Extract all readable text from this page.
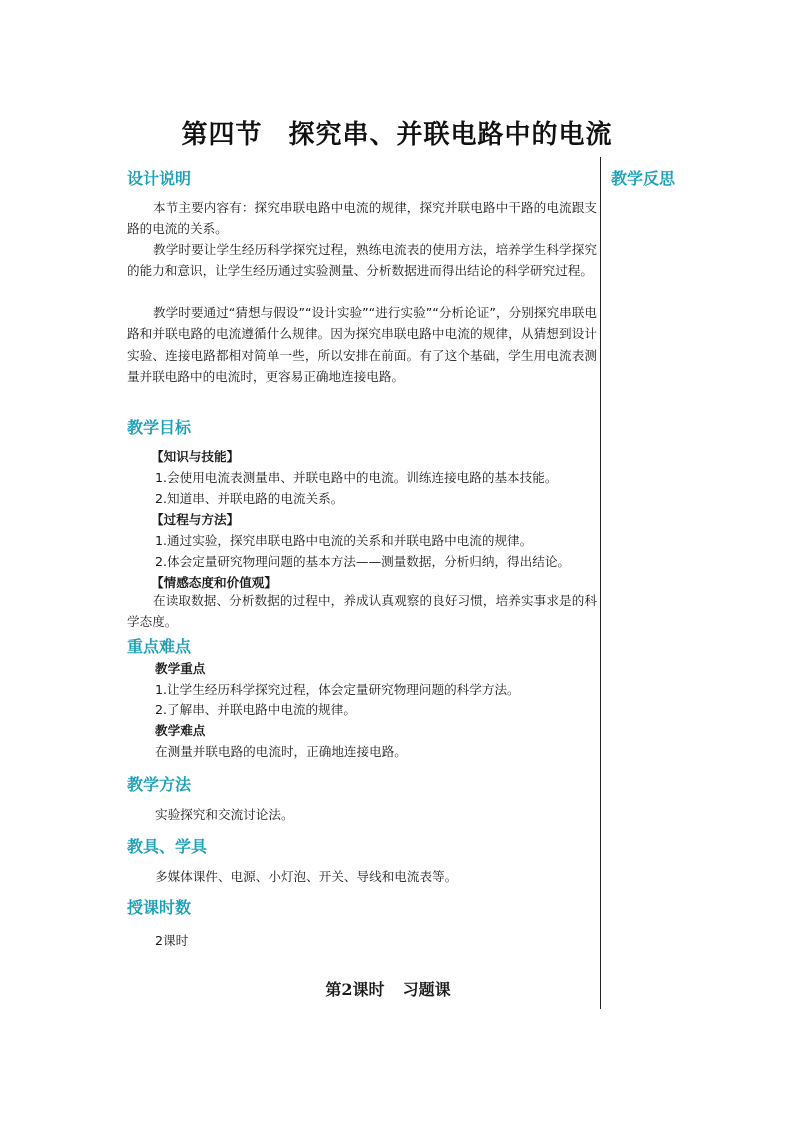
第四节 探究串、并联电路中的电流
教学反思
设计说明

本节主要内容有：探究串联电路中电流的规律，探究并联电路中干路的电流跟支路的电流的关系。

教学时要让学生经历科学探究过程，熟练电流表的使用方法，培养学生科学探究的能力和意识，让学生经历通过实验测量、分析数据进而得出结论的科学研究过程。

教学时要通过“猜想与假设”“设计实验”“进行实验”“分析论证”，分别探究串联电路和并联电路的电流遵循什么规律。因为探究串联电路中电流的规律，从猜想到设计实验、连接电路都相对简单一些，所以安排在前面。有了这个基础，学生用电流表测量并联电路中的电流时，更容易正确地连接电路。

教学目标
【知识与技能】
1.会使用电流表测量串、并联电路中的电流。训练连接电路的基本技能。
2.知道串、并联电路的电流关系。
【过程与方法】
1.通过实验，探究串联电路中电流的关系和并联电路中电流的规律。
2.体会定量研究物理问题的基本方法——测量数据，分析归纳，得出结论。
【情感态度和价值观】

在读取数据、分析数据的过程中，养成认真观察的良好习惯，培养实事求是的科学态度。

重点难点
教学重点
1.让学生经历科学探究过程，体会定量研究物理问题的科学方法。
2.了解串、并联电路中电流的规律。
教学难点
在测量并联电路的电流时，正确地连接电路。
教学方法
实验探究和交流讨论法。
教具、学具
多媒体课件、电源、小灯泡、开关、导线和电流表等。
授课时数
2课时
第2课时 习题课
